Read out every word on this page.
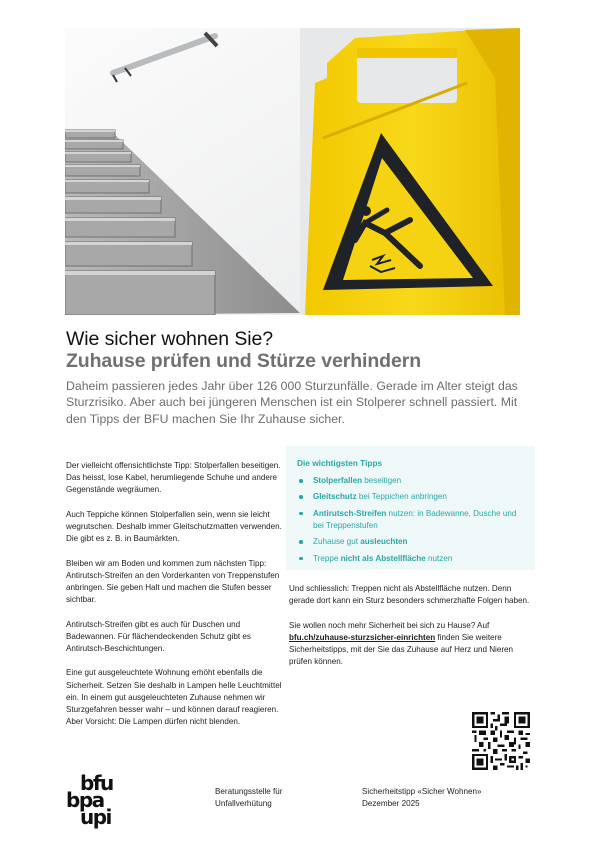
Wie sicher wohnen Sie?
Zuhause prüfen und Stürze verhindern

Daheim passieren jedes Jahr über 126 000 Sturzunfälle. Gerade im Alter steigt das Sturzrisiko. Aber auch bei jüngeren Menschen ist ein Stolperer schnell passiert. Mit den Tipps der BFU machen Sie Ihr Zuhause sicher.

Der vielleicht offensichtlichste Tipp: Stolperfallen beseitigen. Das heisst, lose Kabel, herumliegende Schuhe und andere Gegenstände wegräumen.

Auch Teppiche können Stolperfallen sein, wenn sie leicht wegrutschen. Deshalb immer Gleitschutzmatten verwenden. Die gibt es z. B. in Baumärkten.

Bleiben wir am Boden und kommen zum nächsten Tipp: Antirutsch-Streifen an den Vorderkanten von Treppenstufen anbringen. Sie geben Halt und machen die Stufen besser sichtbar.

Antirutsch-Streifen gibt es auch für Duschen und Badewannen. Für flächendeckenden Schutz gibt es Antirutsch-Beschichtungen.

Eine gut ausgeleuchtete Wohnung erhöht ebenfalls die Sicherheit. Setzen Sie deshalb in Lampen helle Leuchtmittel ein. In einem gut ausgeleuchteten Zuhause nehmen wir Sturzgefahren besser wahr – und können darauf reagieren. Aber Vorsicht: Die Lampen dürfen nicht blenden.

Die wichtigsten Tipps
Stolperfallen beseitigen
Gleitschutz bei Teppichen anbringen
Antirutsch-Streifen nutzen: in Badewanne, Dusche und bei Treppenstufen
Zuhause gut ausleuchten
Treppe nicht als Abstellfläche nutzen

Und schliesslich: Treppen nicht als Abstellfläche nutzen. Denn gerade dort kann ein Sturz besonders schmerzhafte Folgen haben.

Sie wollen noch mehr Sicherheit bei sich zu Hause? Auf bfu.ch/zuhause-sturzsicher-einrichten finden Sie weitere Sicherheitstipps, mit der Sie das Zuhause auf Herz und Nieren prüfen können.

bfu
bpa
upi
Beratungsstelle für
Unfallverhütung
Sicherheitstipp «Sicher Wohnen»
Dezember 2025
